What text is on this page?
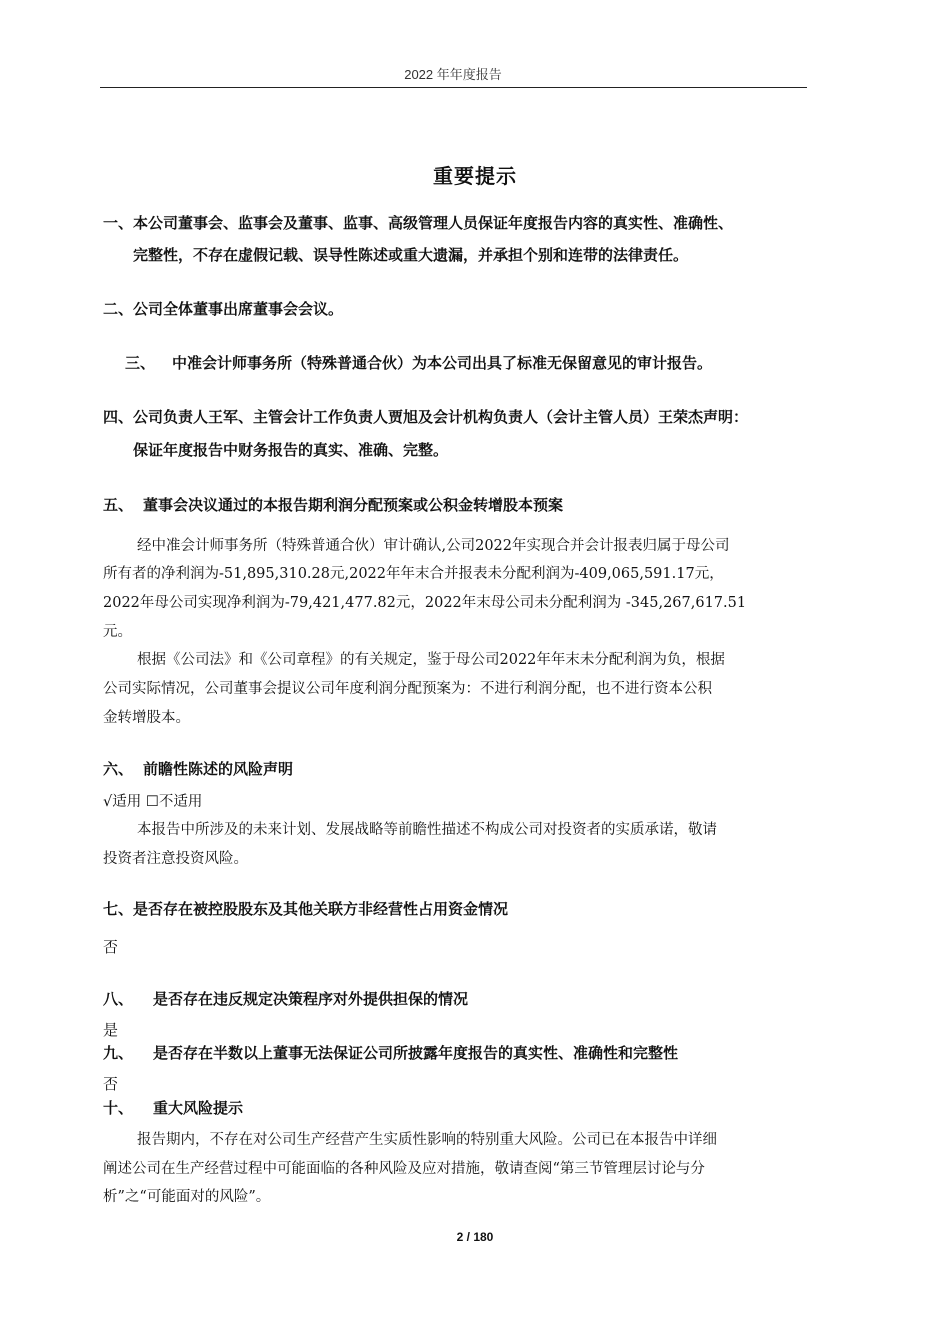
2022 年年度报告
重要提示
一、本公司董事会、监事会及董事、监事、高级管理人员保证年度报告内容的真实性、准确性、
完整性，不存在虚假记载、误导性陈述或重大遗漏，并承担个别和连带的法律责任。
二、公司全体董事出席董事会会议。
三、 中准会计师事务所（特殊普通合伙）为本公司出具了标准无保留意见的审计报告。
四、公司负责人王军、主管会计工作负责人贾旭及会计机构负责人（会计主管人员）王荣杰声明：
保证年度报告中财务报告的真实、准确、完整。
五、 董事会决议通过的本报告期利润分配预案或公积金转增股本预案
经中准会计师事务所（特殊普通合伙）审计确认,公司2022年实现合并会计报表归属于母公司
所有者的净利润为-51,895,310.28元,2022年年末合并报表未分配利润为-409,065,591.17元，
2022年母公司实现净利润为-79,421,477.82元，2022年末母公司未分配利润为 -345,267,617.51
元。
根据《公司法》和《公司章程》的有关规定，鉴于母公司2022年年末未分配利润为负，根据
公司实际情况，公司董事会提议公司年度利润分配预案为：不进行利润分配，也不进行资本公积
金转增股本。
六、 前瞻性陈述的风险声明
√适用 ☐不适用
本报告中所涉及的未来计划、发展战略等前瞻性描述不构成公司对投资者的实质承诺，敬请
投资者注意投资风险。
七、是否存在被控股股东及其他关联方非经营性占用资金情况
否
八、 是否存在违反规定决策程序对外提供担保的情况
是
九、 是否存在半数以上董事无法保证公司所披露年度报告的真实性、准确性和完整性
否
十、 重大风险提示
报告期内，不存在对公司生产经营产生实质性影响的特别重大风险。公司已在本报告中详细
阐述公司在生产经营过程中可能面临的各种风险及应对措施，敬请查阅“第三节管理层讨论与分
析”之“可能面对的风险”。
2 / 180
